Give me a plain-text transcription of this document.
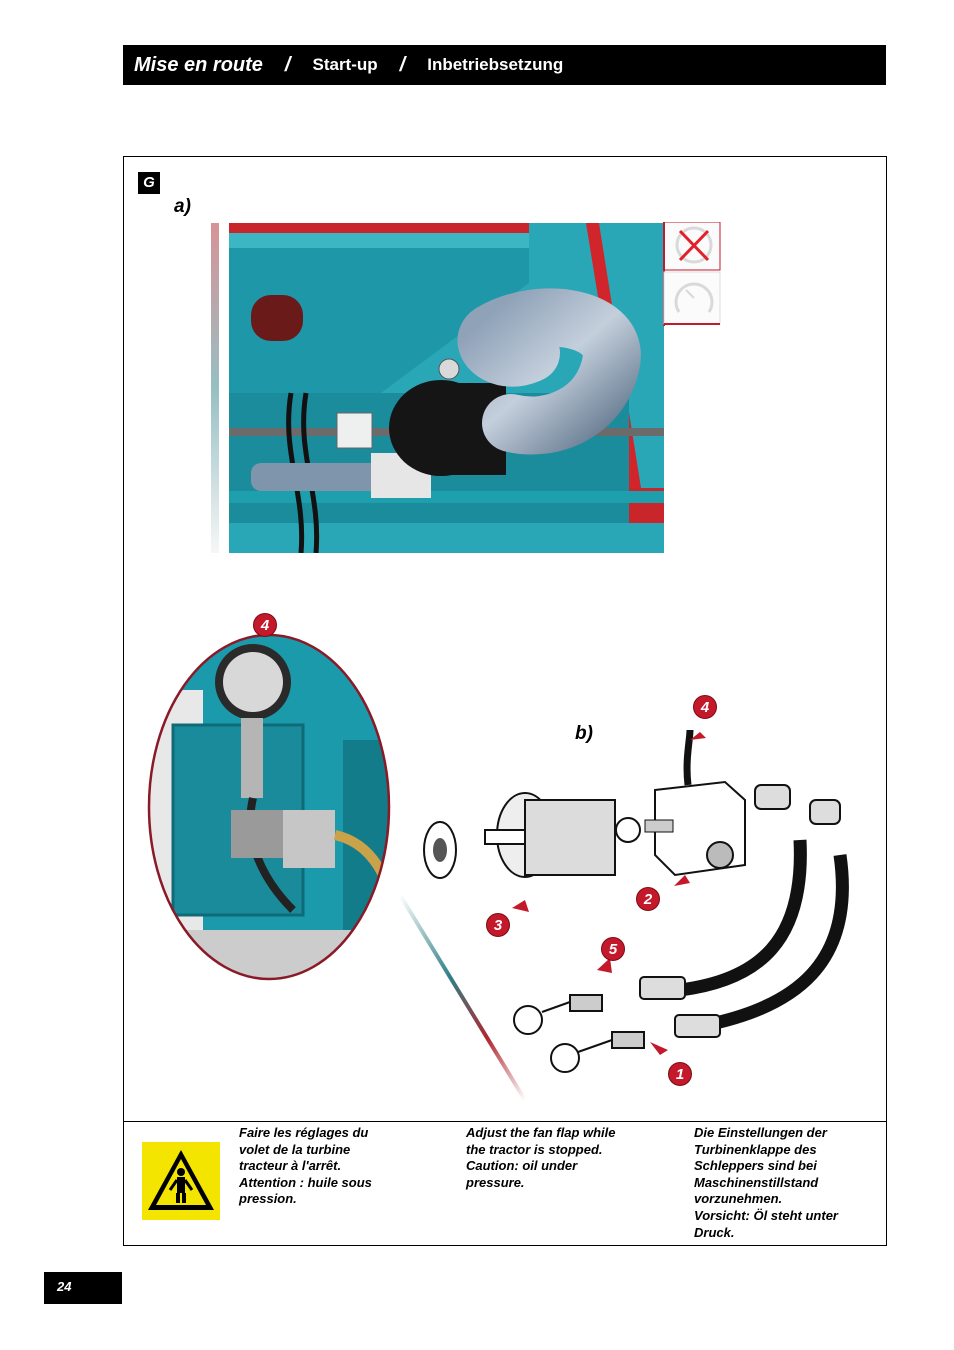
Mise en route / Start-up / Inbetriebsetzung
G
a)
b)
4
4
2
3
5
1
Faire les réglages du
volet de la turbine
tracteur à l'arrêt.
Attention : huile sous
pression.
Adjust the fan flap while
the tractor is stopped.
Caution: oil under
pressure.
Die Einstellungen der
Turbinenklappe des
Schleppers sind bei
Maschinenstillstand
vorzunehmen.
Vorsicht: Öl steht unter
Druck.
24
